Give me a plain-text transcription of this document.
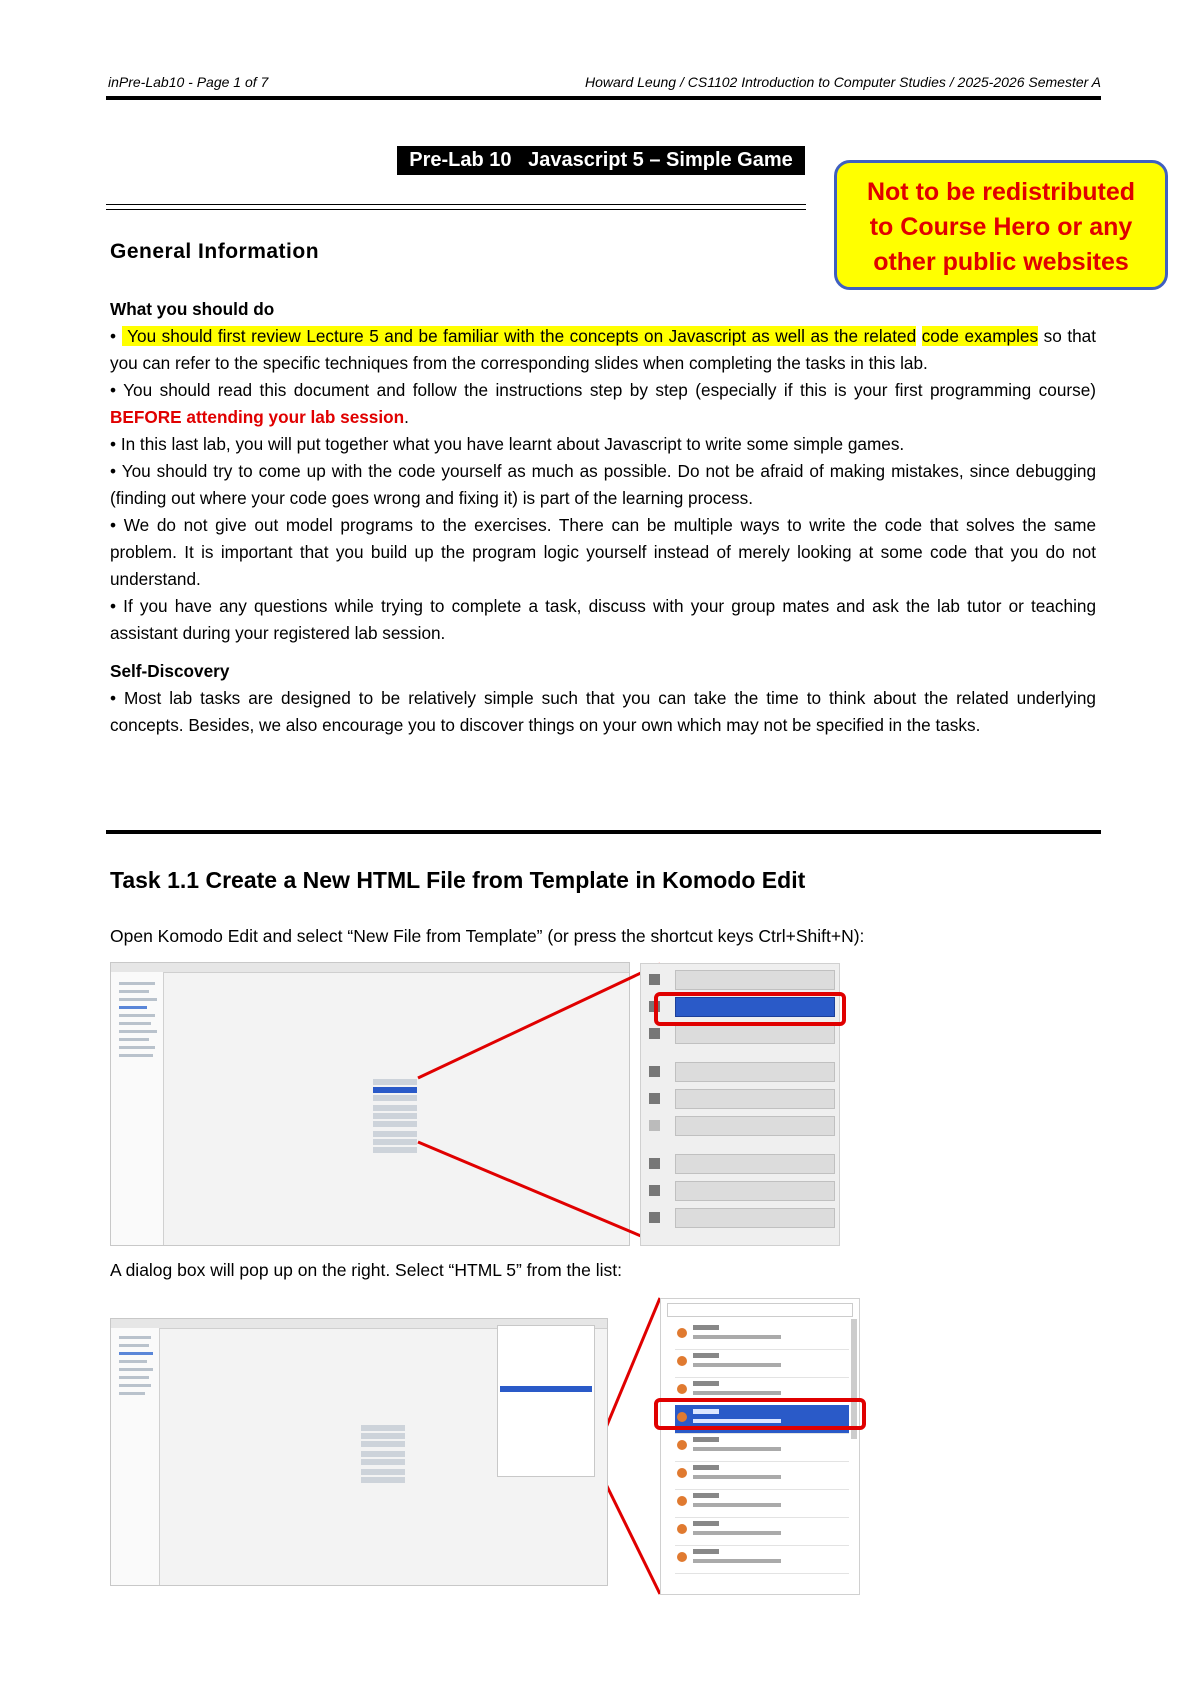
inPre-Lab10 - Page 1 of 7	Howard Leung / CS1102 Introduction to Computer Studies / 2025-2026 Semester A
Pre-Lab 10   Javascript 5 – Simple Game
Not to be redistributed
to Course Hero or any
other public websites
General Information
What you should do
• You should first review Lecture 5 and be familiar with the concepts on Javascript as well as the related code examples so that you can refer to the specific techniques from the corresponding slides when completing the tasks in this lab.
• You should read this document and follow the instructions step by step (especially if this is your first programming course) BEFORE attending your lab session.
• In this last lab, you will put together what you have learnt about Javascript to write some simple games.
• You should try to come up with the code yourself as much as possible. Do not be afraid of making mistakes, since debugging (finding out where your code goes wrong and fixing it) is part of the learning process.
• We do not give out model programs to the exercises. There can be multiple ways to write the code that solves the same problem. It is important that you build up the program logic yourself instead of merely looking at some code that you do not understand.
• If you have any questions while trying to complete a task, discuss with your group mates and ask the lab tutor or teaching assistant during your registered lab session.
Self-Discovery
• Most lab tasks are designed to be relatively simple such that you can take the time to think about the related underlying concepts. Besides, we also encourage you to discover things on your own which may not be specified in the tasks.
Task 1.1 Create a New HTML File from Template in Komodo Edit
Open Komodo Edit and select “New File from Template” (or press the shortcut keys Ctrl+Shift+N):
A dialog box will pop up on the right. Select “HTML 5” from the list:
